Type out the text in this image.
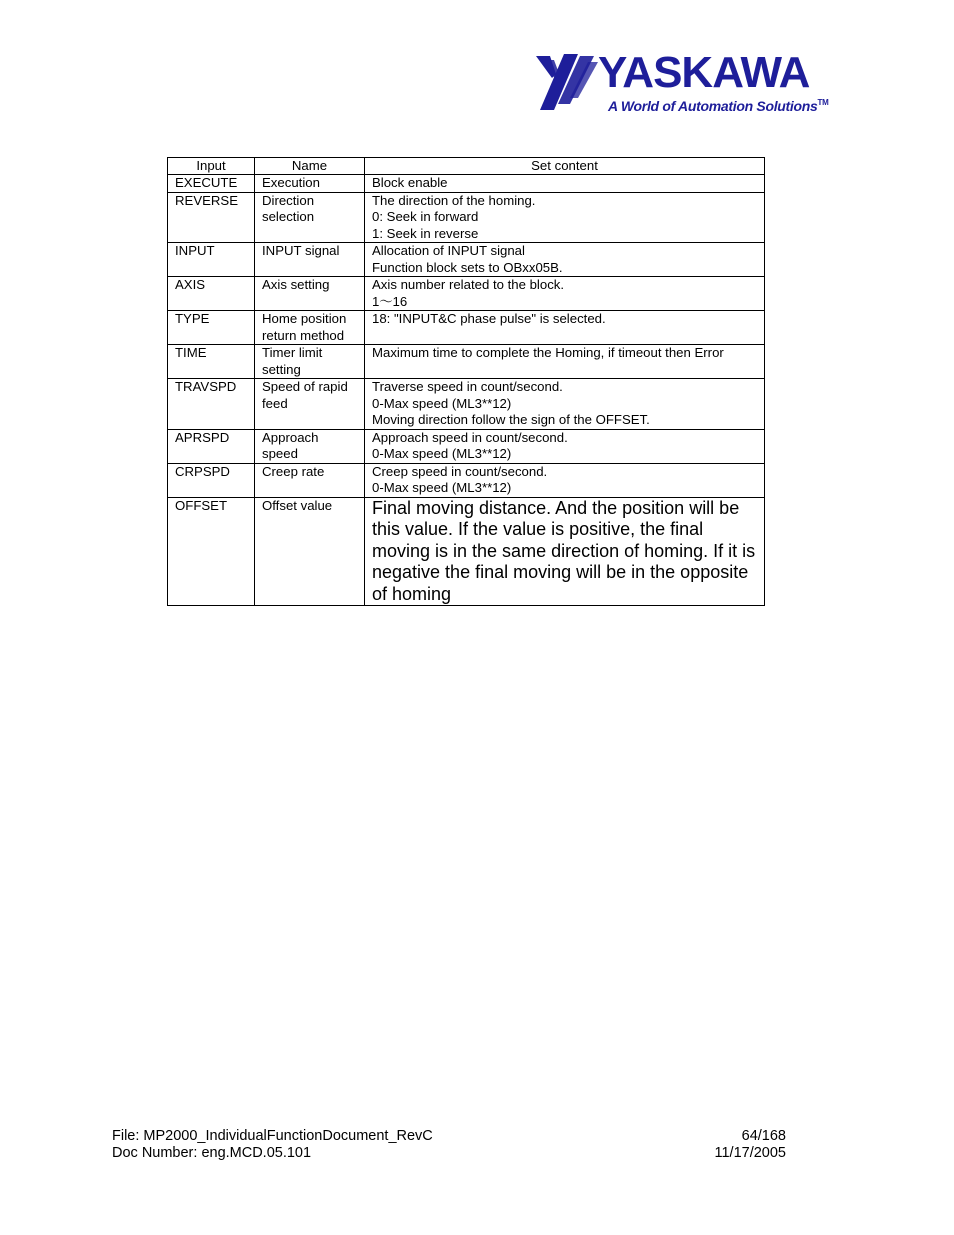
YASKAWA
A World of Automation Solutions™
Input	Name	Set content
EXECUTE	Execution	Block enable

REVERSE	Direction selection	The direction of the homing.
0: Seek in forward
1: Seek in reverse

INPUT	INPUT signal	Allocation of INPUT signal
Function block sets to OBxx05B.

AXIS	Axis setting	Axis number related to the block.
1～16

TYPE	Home position return method	18: "INPUT&C phase pulse" is selected.

TIME	Timer limit setting	Maximum time to complete the Homing, if timeout then Error

TRAVSPD	Speed of rapid feed	Traverse speed in count/second.
0-Max speed (ML3**12)
Moving direction follow the sign of the OFFSET.

APRSPD	Approach speed	Approach speed in count/second.
0-Max speed (ML3**12)

CRPSPD	Creep rate	Creep speed in count/second.
0-Max speed (ML3**12)

OFFSET	Offset value	Final moving distance. And the position will be this value. If the value is positive, the final moving is in the same direction of homing. If it is negative the final moving will be in the opposite of homing
File: MP2000_IndividualFunctionDocument_RevC	64/168
Doc Number: eng.MCD.05.101	11/17/2005
